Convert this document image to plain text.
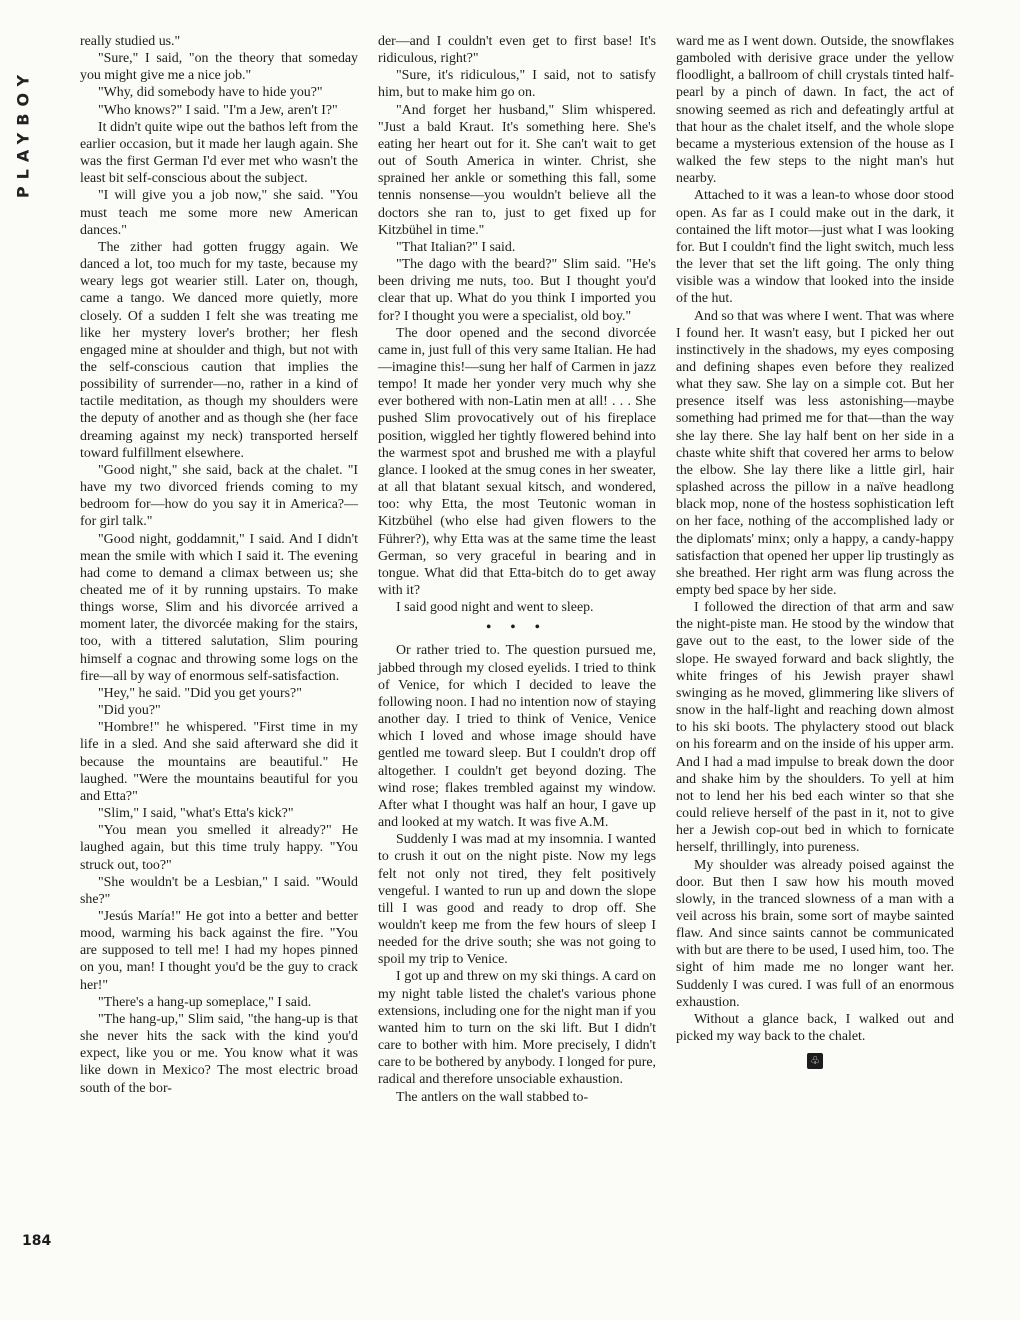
PLAYBOY

really studied us."

"Sure," I said, "on the theory that someday you might give me a nice job."

"Why, did somebody have to hide you?"

"Who knows?" I said. "I'm a Jew, aren't I?"

It didn't quite wipe out the bathos left from the earlier occasion, but it made her laugh again. She was the first German I'd ever met who wasn't the least bit self-conscious about the subject.

"I will give you a job now," she said. "You must teach me some more new American dances."

The zither had gotten fruggy again. We danced a lot, too much for my taste, because my weary legs got wearier still. Later on, though, came a tango. We danced more quietly, more closely. Of a sudden I felt she was treating me like her mystery lover's brother; her flesh engaged mine at shoulder and thigh, but not with the self-conscious caution that implies the possibility of surrender—no, rather in a kind of tactile meditation, as though my shoulders were the deputy of another and as though she (her face dreaming against my neck) transported herself toward fulfillment elsewhere.

"Good night," she said, back at the chalet. "I have my two divorced friends coming to my bedroom for—how do you say it in America?—for girl talk."

"Good night, goddamnit," I said. And I didn't mean the smile with which I said it. The evening had come to demand a climax between us; she cheated me of it by running upstairs. To make things worse, Slim and his divorcée arrived a moment later, the divorcée making for the stairs, too, with a tittered salutation, Slim pouring himself a cognac and throwing some logs on the fire—all by way of enormous self-satisfaction.

"Hey," he said. "Did you get yours?"

"Did you?"

"Hombre!" he whispered. "First time in my life in a sled. And she said afterward she did it because the mountains are beautiful." He laughed. "Were the mountains beautiful for you and Etta?"

"Slim," I said, "what's Etta's kick?"

"You mean you smelled it already?" He laughed again, but this time truly happy. "You struck out, too?"

"She wouldn't be a Lesbian," I said. "Would she?"

"Jesús María!" He got into a better and better mood, warming his back against the fire. "You are supposed to tell me! I had my hopes pinned on you, man! I thought you'd be the guy to crack her!"

"There's a hang-up someplace," I said.

"The hang-up," Slim said, "the hang-up is that she never hits the sack with the kind you'd expect, like you or me. You know what it was like down in Mexico? The most electric broad south of the bor-

der—and I couldn't even get to first base! It's ridiculous, right?"

"Sure, it's ridiculous," I said, not to satisfy him, but to make him go on.

"And forget her husband," Slim whispered. "Just a bald Kraut. It's something here. She's eating her heart out for it. She can't wait to get out of South America in winter. Christ, she sprained her ankle or something this fall, some tennis nonsense—you wouldn't believe all the doctors she ran to, just to get fixed up for Kitzbühel in time."

"That Italian?" I said.

"The dago with the beard?" Slim said. "He's been driving me nuts, too. But I thought you'd clear that up. What do you think I imported you for? I thought you were a specialist, old boy."

The door opened and the second divorcée came in, just full of this very same Italian. He had—imagine this!—sung her half of Carmen in jazz tempo! It made her yonder very much why she ever bothered with non-Latin men at all! . . . She pushed Slim provocatively out of his fireplace position, wiggled her tightly flowered behind into the warmest spot and brushed me with a playful glance. I looked at the smug cones in her sweater, at all that blatant sexual kitsch, and wondered, too: why Etta, the most Teutonic woman in Kitzbühel (who else had given flowers to the Führer?), why Etta was at the same time the least German, so very graceful in bearing and in tongue. What did that Etta-bitch do to get away with it?

I said good night and went to sleep.

• • •

Or rather tried to. The question pursued me, jabbed through my closed eyelids. I tried to think of Venice, for which I decided to leave the following noon. I had no intention now of staying another day. I tried to think of Venice, Venice which I loved and whose image should have gentled me toward sleep. But I couldn't drop off altogether. I couldn't get beyond dozing. The wind rose; flakes trembled against my window. After what I thought was half an hour, I gave up and looked at my watch. It was five A.M.

Suddenly I was mad at my insomnia. I wanted to crush it out on the night piste. Now my legs felt not only not tired, they felt positively vengeful. I wanted to run up and down the slope till I was good and ready to drop off. She wouldn't keep me from the few hours of sleep I needed for the drive south; she was not going to spoil my trip to Venice.

I got up and threw on my ski things. A card on my night table listed the chalet's various phone extensions, including one for the night man if you wanted him to turn on the ski lift. But I didn't care to bother with him. More precisely, I didn't care to be bothered by anybody. I longed for pure, radical and therefore unsociable exhaustion.

The antlers on the wall stabbed to-

ward me as I went down. Outside, the snowflakes gamboled with derisive grace under the yellow floodlight, a ballroom of chill crystals tinted half-pearl by a pinch of dawn. In fact, the act of snowing seemed as rich and defeatingly artful at that hour as the chalet itself, and the whole slope became a mysterious extension of the house as I walked the few steps to the night man's hut nearby.

Attached to it was a lean-to whose door stood open. As far as I could make out in the dark, it contained the lift motor—just what I was looking for. But I couldn't find the light switch, much less the lever that set the lift going. The only thing visible was a window that looked into the inside of the hut.

And so that was where I went. That was where I found her. It wasn't easy, but I picked her out instinctively in the shadows, my eyes composing and defining shapes even before they realized what they saw. She lay on a simple cot. But her presence itself was less astonishing—maybe something had primed me for that—than the way she lay there. She lay half bent on her side in a chaste white shift that covered her arms to below the elbow. She lay there like a little girl, hair splashed across the pillow in a naïve headlong black mop, none of the hostess sophistication left on her face, nothing of the accomplished lady or the diplomats' minx; only a happy, a candy-happy satisfaction that opened her upper lip trustingly as she breathed. Her right arm was flung across the empty bed space by her side.

I followed the direction of that arm and saw the night-piste man. He stood by the window that gave out to the east, to the lower side of the slope. He swayed forward and back slightly, the white fringes of his Jewish prayer shawl swinging as he moved, glimmering like slivers of snow in the half-light and reaching down almost to his ski boots. The phylactery stood out black on his forearm and on the inside of his upper arm. And I had a mad impulse to break down the door and shake him by the shoulders. To yell at him not to lend her his bed each winter so that she could relieve herself of the past in it, not to give her a Jewish cop-out bed in which to fornicate herself, thrillingly, into pureness.

My shoulder was already poised against the door. But then I saw how his mouth moved slowly, in the tranced slowness of a man with a veil across his brain, some sort of maybe sainted flaw. And since saints cannot be communicated with but are there to be used, I used him, too. The sight of him made me no longer want her. Suddenly I was cured. I was full of an enormous exhaustion.

Without a glance back, I walked out and picked my way back to the chalet.

♧
184
